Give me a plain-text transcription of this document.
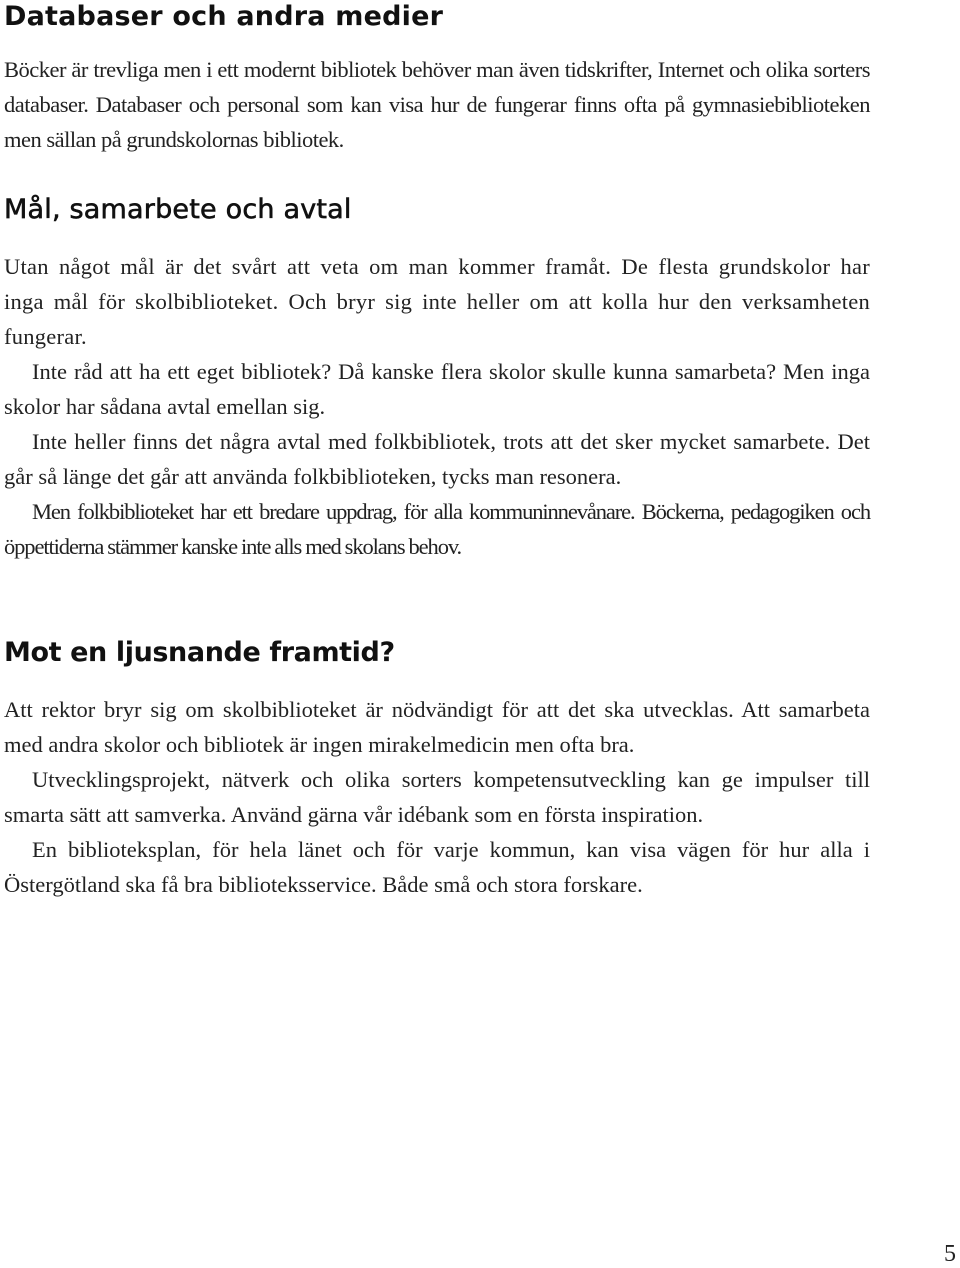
Databaser och andra medier

Böcker är trevliga men i ett modernt bibliotek behöver man även tidskrifter, Internet och olika sorters databaser. Databaser och personal som kan visa hur de fungerar finns ofta på gymnasiebiblioteken men sällan på grundskolornas bibliotek.

Mål, samarbete och avtal

Utan något mål är det svårt att veta om man kommer framåt. De flesta grundskolor har inga mål för skolbiblioteket. Och bryr sig inte heller om att kolla hur den verksamheten fungerar.

Inte råd att ha ett eget bibliotek? Då kanske flera skolor skulle kunna samarbeta? Men inga skolor har sådana avtal emellan sig.

Inte heller finns det några avtal med folkbibliotek, trots att det sker mycket samarbete. Det går så länge det går att använda folkbiblioteken, tycks man resonera.

Men folkbiblioteket har ett bredare uppdrag, för alla kommuninnevånare. Böckerna, pedagogiken och öppettiderna stämmer kanske inte alls med skolans behov.

Mot en ljusnande framtid?

Att rektor bryr sig om skolbiblioteket är nödvändigt för att det ska utvecklas. Att samarbeta med andra skolor och bibliotek är ingen mirakelmedicin men ofta bra.

Utvecklingsprojekt, nätverk och olika sorters kompetensutveckling kan ge impulser till smarta sätt att samverka. Använd gärna vår idébank som en första inspiration.

En biblioteksplan, för hela länet och för varje kommun, kan visa vägen för hur alla i Östergötland ska få bra biblioteksservice. Både små och stora forskare.

5
